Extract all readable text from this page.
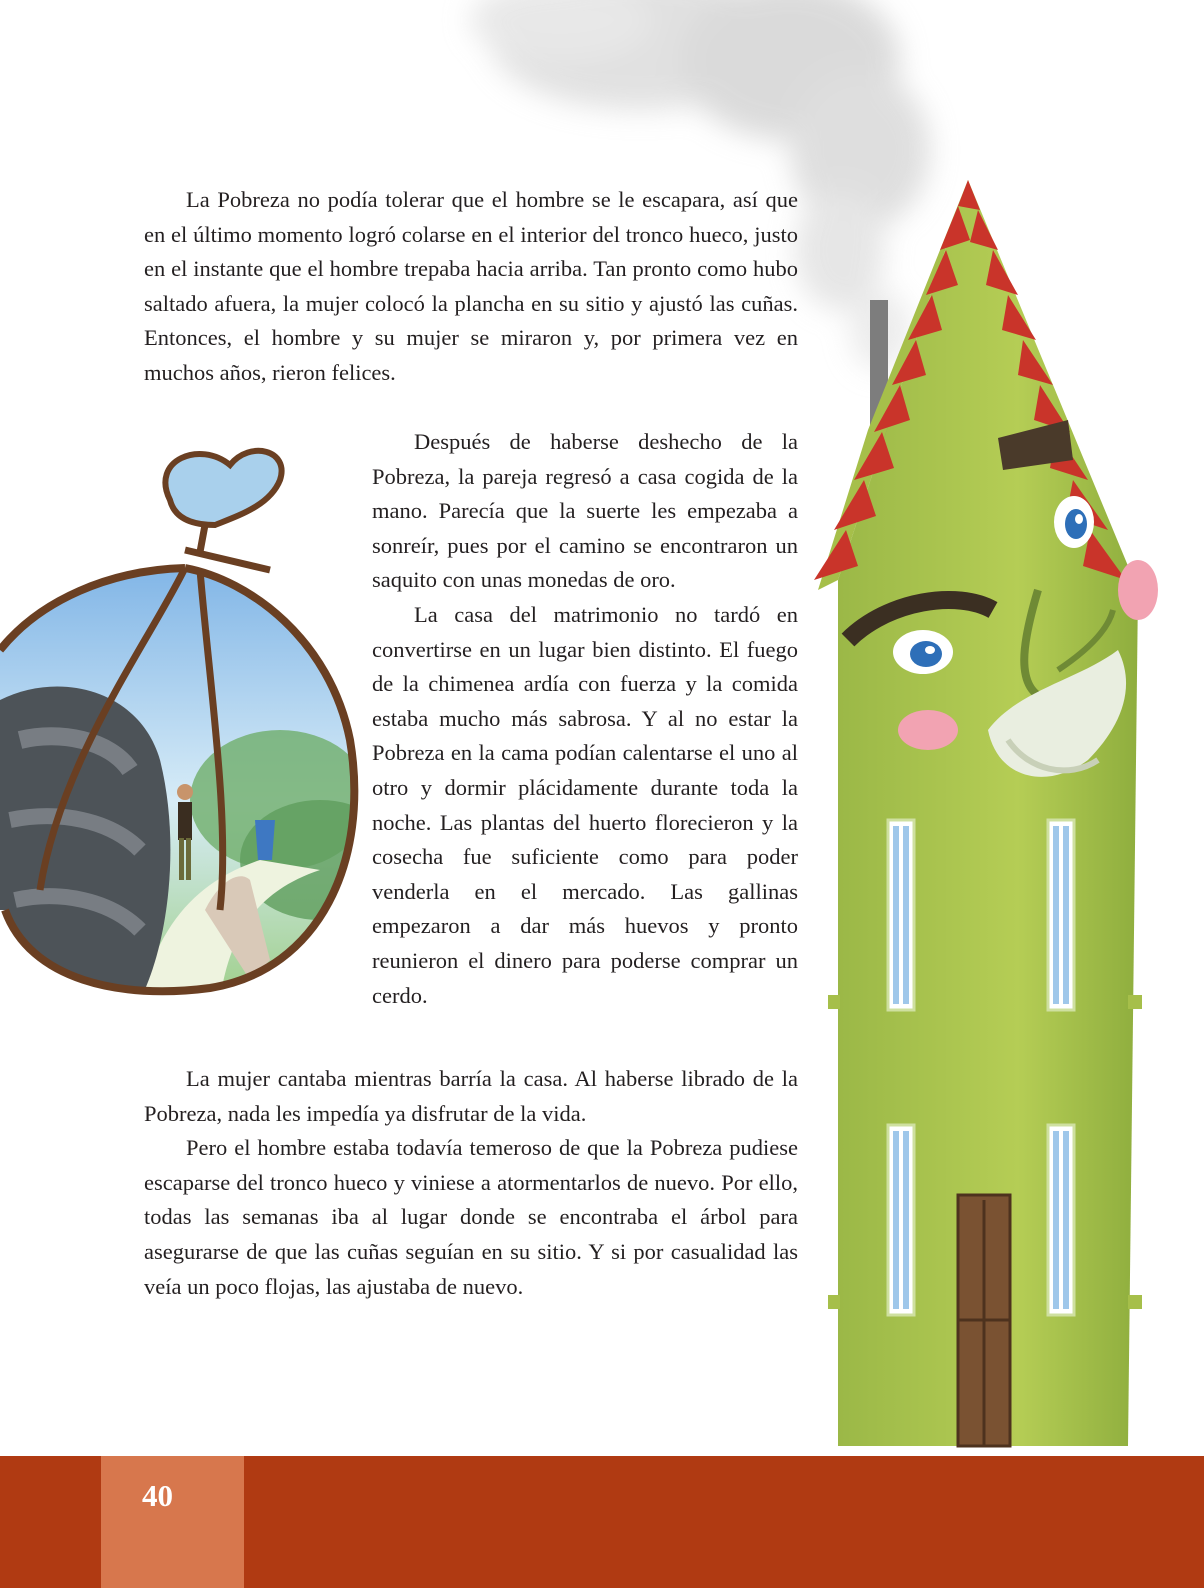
La Pobreza no podía tolerar que el hombre se le escapara, así que en el último momento logró colarse en el interior del tronco hueco, justo en el instante que el hombre trepaba hacia arriba. Tan pronto como hubo saltado afuera, la mujer colocó la plancha en su sitio y ajustó las cuñas. Entonces, el hombre y su mujer se miraron y, por primera vez en muchos años, rieron felices.

Después de haberse deshecho de la Pobreza, la pareja regresó a casa cogida de la mano. Parecía que la suerte les empezaba a sonreír, pues por el camino se encontraron un saquito con unas monedas de oro.

La casa del matrimonio no tardó en convertirse en un lugar bien distinto. El fuego de la chimenea ardía con fuerza y la comida estaba mucho más sabrosa. Y al no estar la Pobreza en la cama podían calentarse el uno al otro y dormir plácidamente durante toda la noche. Las plantas del huerto florecieron y la cosecha fue suficiente como para poder venderla en el mercado. Las gallinas empezaron a dar más huevos y pronto reunieron el dinero para poderse comprar un cerdo.

La mujer cantaba mientras barría la casa. Al haberse librado de la Pobreza, nada les impedía ya disfrutar de la vida.

Pero el hombre estaba todavía temeroso de que la Pobreza pudiese escaparse del tronco hueco y viniese a atormentarlos de nuevo. Por ello, todas las semanas iba al lugar donde se encontraba el árbol para asegurarse de que las cuñas seguían en su sitio. Y si por casualidad las veía un poco flojas, las ajustaba de nuevo.

40
